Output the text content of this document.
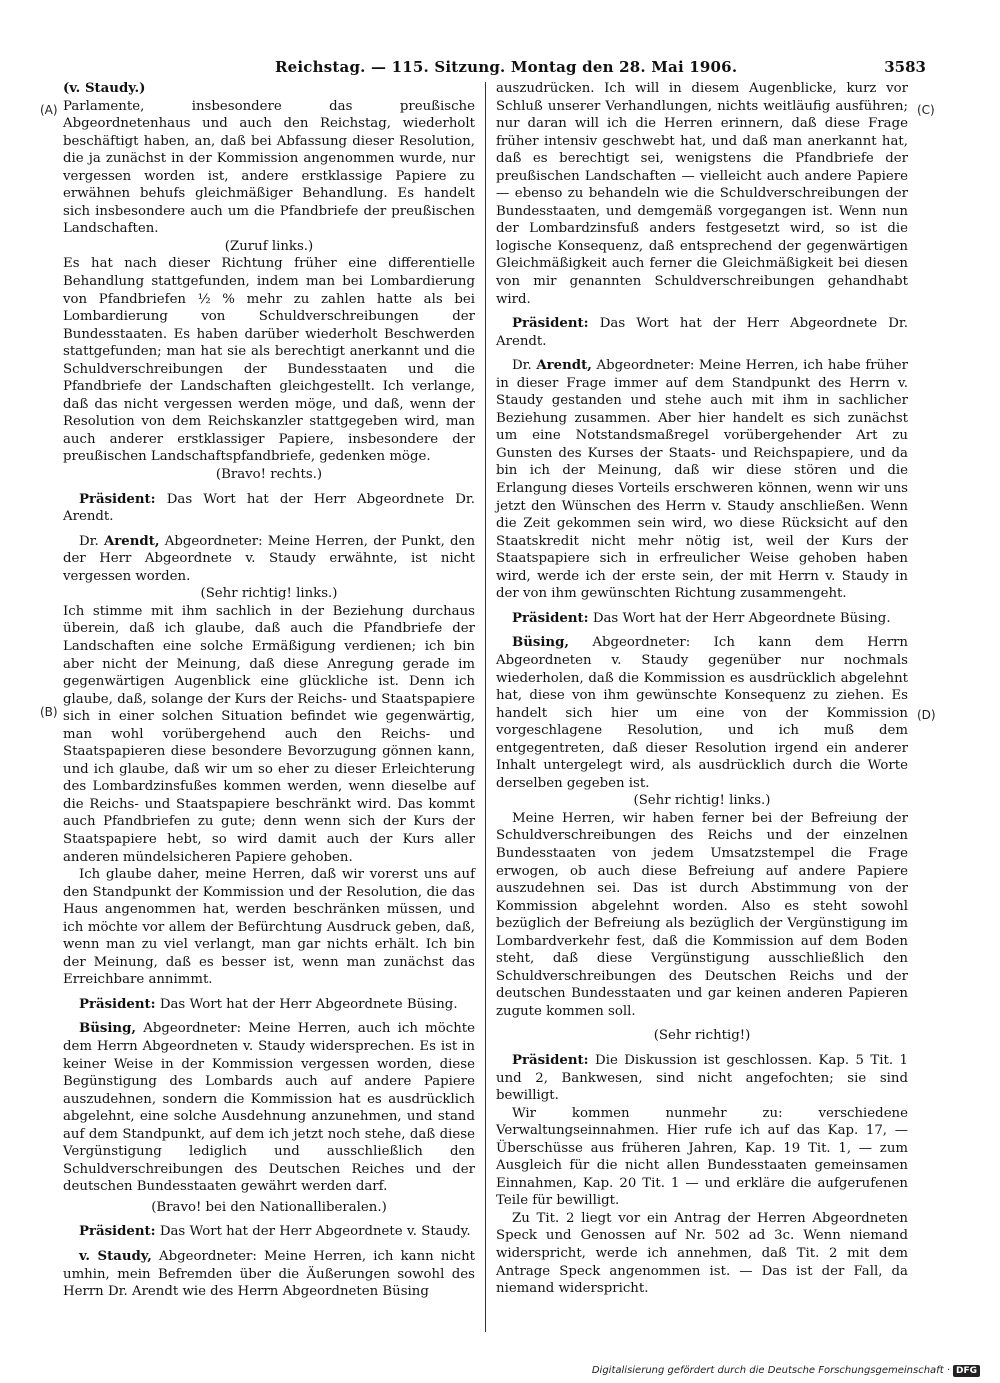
Reichstag. — 115. Sitzung. Montag den 28. Mai 1906.	3583
(A)
(B)
(C)
(D)

(v. Staudy.)

Parlamente, insbesondere das preußische Abgeordnetenhaus und auch den Reichstag, wiederholt beschäftigt haben, an, daß bei Abfassung dieser Resolution, die ja zunächst in der Kommission angenommen wurde, nur vergessen worden ist, andere erstklassige Papiere zu erwähnen behufs gleichmäßiger Behandlung. Es handelt sich insbesondere auch um die Pfandbriefe der preußischen Landschaften.

(Zuruf links.)

Es hat nach dieser Richtung früher eine differentielle Behandlung stattgefunden, indem man bei Lombardierung von Pfandbriefen ½ % mehr zu zahlen hatte als bei Lombardierung von Schuldverschreibungen der Bundesstaaten. Es haben darüber wiederholt Beschwerden stattgefunden; man hat sie als berechtigt anerkannt und die Schuldverschreibungen der Bundesstaaten und die Pfandbriefe der Landschaften gleichgestellt. Ich verlange, daß das nicht vergessen werden möge, und daß, wenn der Resolution von dem Reichskanzler stattgegeben wird, man auch anderer erstklassiger Papiere, insbesondere der preußischen Landschaftspfandbriefe, gedenken möge.

(Bravo! rechts.)

Präsident: Das Wort hat der Herr Abgeordnete Dr. Arendt.

Dr. Arendt, Abgeordneter: Meine Herren, der Punkt, den der Herr Abgeordnete v. Staudy erwähnte, ist nicht vergessen worden.

(Sehr richtig! links.)

Ich stimme mit ihm sachlich in der Beziehung durchaus überein, daß ich glaube, daß auch die Pfandbriefe der Landschaften eine solche Ermäßigung verdienen; ich bin aber nicht der Meinung, daß diese Anregung gerade im gegenwärtigen Augenblick eine glückliche ist. Denn ich glaube, daß, solange der Kurs der Reichs- und Staatspapiere sich in einer solchen Situation befindet wie gegenwärtig, man wohl vorübergehend auch den Reichs- und Staatspapieren diese besondere Bevorzugung gönnen kann, und ich glaube, daß wir um so eher zu dieser Erleichterung des Lombardzinsfußes kommen werden, wenn dieselbe auf die Reichs- und Staatspapiere beschränkt wird. Das kommt auch Pfandbriefen zu gute; denn wenn sich der Kurs der Staatspapiere hebt, so wird damit auch der Kurs aller anderen mündelsicheren Papiere gehoben.

Ich glaube daher, meine Herren, daß wir vorerst uns auf den Standpunkt der Kommission und der Resolution, die das Haus angenommen hat, werden beschränken müssen, und ich möchte vor allem der Befürchtung Ausdruck geben, daß, wenn man zu viel verlangt, man gar nichts erhält. Ich bin der Meinung, daß es besser ist, wenn man zunächst das Erreichbare annimmt.

Präsident: Das Wort hat der Herr Abgeordnete Büsing.

Büsing, Abgeordneter: Meine Herren, auch ich möchte dem Herrn Abgeordneten v. Staudy widersprechen. Es ist in keiner Weise in der Kommission vergessen worden, diese Begünstigung des Lombards auch auf andere Papiere auszudehnen, sondern die Kommission hat es ausdrücklich abgelehnt, eine solche Ausdehnung anzunehmen, und stand auf dem Standpunkt, auf dem ich jetzt noch stehe, daß diese Vergünstigung lediglich und ausschließlich den Schuldverschreibungen des Deutschen Reiches und der deutschen Bundesstaaten gewährt werden darf.

(Bravo! bei den Nationalliberalen.)

Präsident: Das Wort hat der Herr Abgeordnete v. Staudy.

v. Staudy, Abgeordneter: Meine Herren, ich kann nicht umhin, mein Befremden über die Äußerungen sowohl des Herrn Dr. Arendt wie des Herrn Abgeordneten Büsing

auszudrücken. Ich will in diesem Augenblicke, kurz vor Schluß unserer Verhandlungen, nichts weitläufig ausführen; nur daran will ich die Herren erinnern, daß diese Frage früher intensiv geschwebt hat, und daß man anerkannt hat, daß es berechtigt sei, wenigstens die Pfandbriefe der preußischen Landschaften — vielleicht auch andere Papiere — ebenso zu behandeln wie die Schuldverschreibungen der Bundesstaaten, und demgemäß vorgegangen ist. Wenn nun der Lombardzinsfuß anders festgesetzt wird, so ist die logische Konsequenz, daß entsprechend der gegenwärtigen Gleichmäßigkeit auch ferner die Gleichmäßigkeit bei diesen von mir genannten Schuldverschreibungen gehandhabt wird.

Präsident: Das Wort hat der Herr Abgeordnete Dr. Arendt.

Dr. Arendt, Abgeordneter: Meine Herren, ich habe früher in dieser Frage immer auf dem Standpunkt des Herrn v. Staudy gestanden und stehe auch mit ihm in sachlicher Beziehung zusammen. Aber hier handelt es sich zunächst um eine Notstandsmaßregel vorübergehender Art zu Gunsten des Kurses der Staats- und Reichspapiere, und da bin ich der Meinung, daß wir diese stören und die Erlangung dieses Vorteils erschweren können, wenn wir uns jetzt den Wünschen des Herrn v. Staudy anschließen. Wenn die Zeit gekommen sein wird, wo diese Rücksicht auf den Staatskredit nicht mehr nötig ist, weil der Kurs der Staatspapiere sich in erfreulicher Weise gehoben haben wird, werde ich der erste sein, der mit Herrn v. Staudy in der von ihm gewünschten Richtung zusammengeht.

Präsident: Das Wort hat der Herr Abgeordnete Büsing.

Büsing, Abgeordneter: Ich kann dem Herrn Abgeordneten v. Staudy gegenüber nur nochmals wiederholen, daß die Kommission es ausdrücklich abgelehnt hat, diese von ihm gewünschte Konsequenz zu ziehen. Es handelt sich hier um eine von der Kommission vorgeschlagene Resolution, und ich muß dem entgegentreten, daß dieser Resolution irgend ein anderer Inhalt untergelegt wird, als ausdrücklich durch die Worte derselben gegeben ist.

(Sehr richtig! links.)

Meine Herren, wir haben ferner bei der Befreiung der Schuldverschreibungen des Reichs und der einzelnen Bundesstaaten von jedem Umsatzstempel die Frage erwogen, ob auch diese Befreiung auf andere Papiere auszudehnen sei. Das ist durch Abstimmung von der Kommission abgelehnt worden. Also es steht sowohl bezüglich der Befreiung als bezüglich der Vergünstigung im Lombardverkehr fest, daß die Kommission auf dem Boden steht, daß diese Vergünstigung ausschließlich den Schuldverschreibungen des Deutschen Reichs und der deutschen Bundesstaaten und gar keinen anderen Papieren zugute kommen soll.

(Sehr richtig!)

Präsident: Die Diskussion ist geschlossen. Kap. 5 Tit. 1 und 2, Bankwesen, sind nicht angefochten; sie sind bewilligt.

Wir kommen nunmehr zu: verschiedene Verwaltungseinnahmen. Hier rufe ich auf das Kap. 17, — Überschüsse aus früheren Jahren, Kap. 19 Tit. 1, — zum Ausgleich für die nicht allen Bundesstaaten gemeinsamen Einnahmen, Kap. 20 Tit. 1 — und erkläre die aufgerufenen Teile für bewilligt.

Zu Tit. 2 liegt vor ein Antrag der Herren Abgeordneten Speck und Genossen auf Nr. 502 ad 3c. Wenn niemand widerspricht, werde ich annehmen, daß Tit. 2 mit dem Antrage Speck angenommen ist. — Das ist der Fall, da niemand widerspricht.

Digitalisierung gefördert durch die Deutsche Forschungsgemeinschaft · DFG
